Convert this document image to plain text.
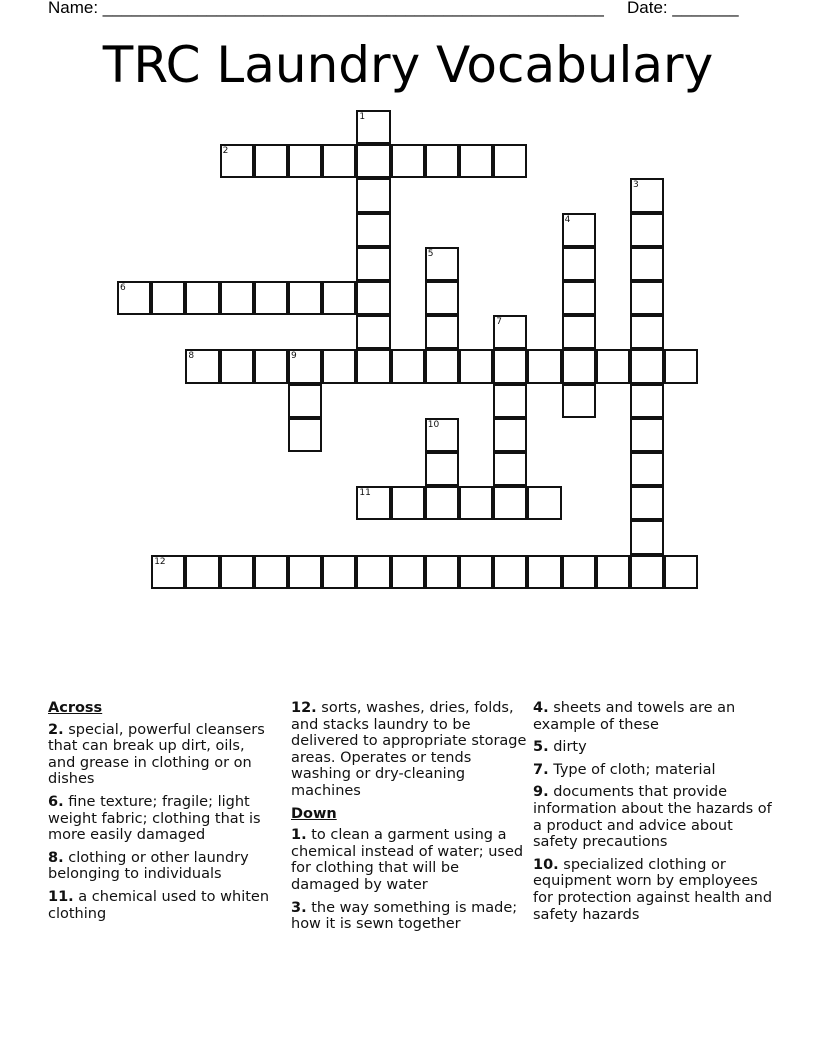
Name: _____________________________________________________ Date: _______
TRC Laundry Vocabulary
1
2
3
4
5
6
7
8	9
10
11
12
Across
2. special, powerful cleansers that can break up dirt, oils, and grease in clothing or on dishes
6. fine texture; fragile; light weight fabric; clothing that is more easily damaged
8. clothing or other laundry belonging to individuals
11. a chemical used to whiten clothing
12. sorts, washes, dries, folds, and stacks laundry to be delivered to appropriate storage areas. Operates or tends washing or dry-cleaning machines
Down
1. to clean a garment using a chemical instead of water; used for clothing that will be damaged by water
3. the way something is made; how it is sewn together
4. sheets and towels are an example of these
5. dirty
7. Type of cloth; material
9. documents that provide information about the hazards of a product and advice about safety precautions
10. specialized clothing or equipment worn by employees for protection against health and safety hazards
